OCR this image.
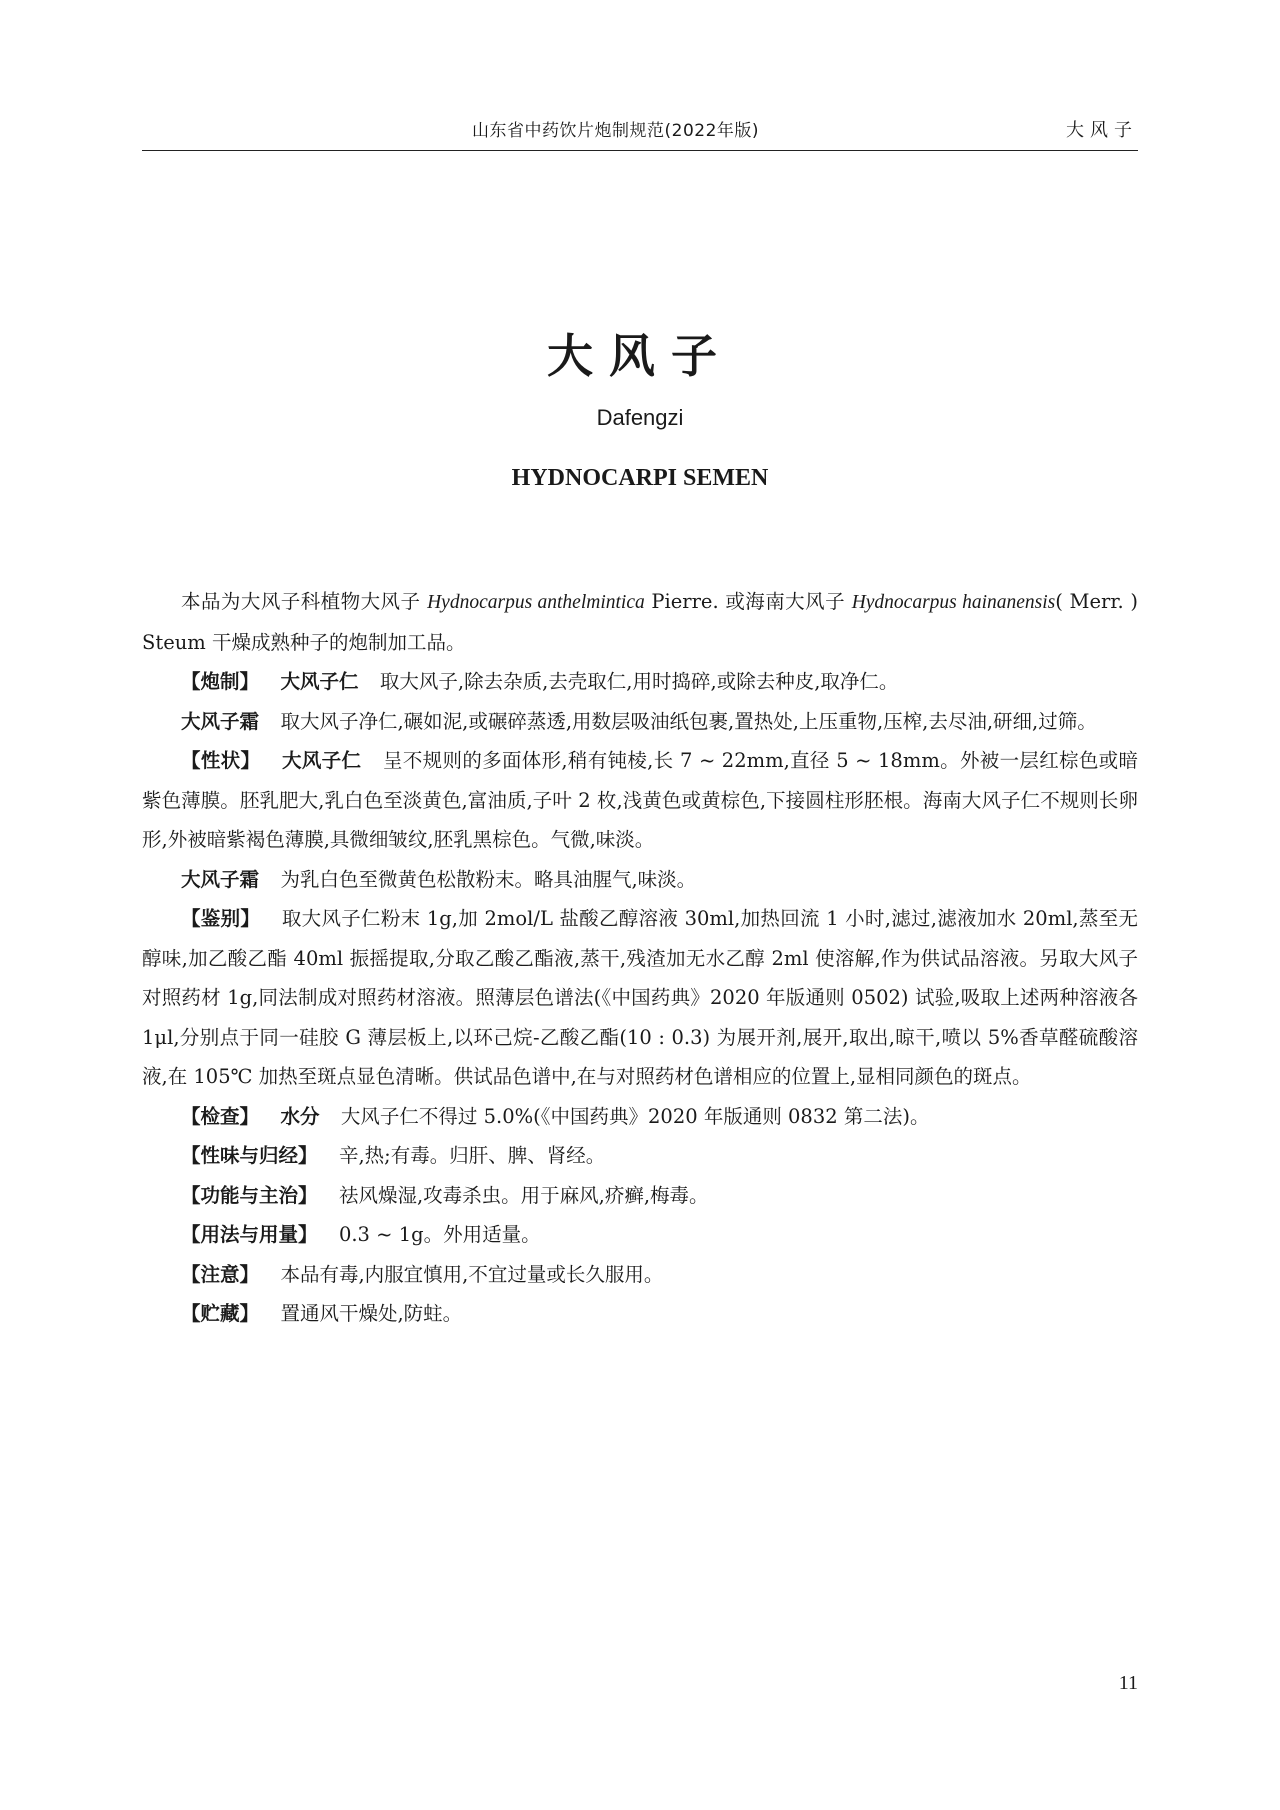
山东省中药饮片炮制规范(2022年版)	大风子
大风子
Dafengzi
HYDNOCARPI SEMEN

本品为大风子科植物大风子 Hydnocarpus anthelmintica Pierre. 或海南大风子 Hydnocarpus hainanensis( Merr. ) Steum 干燥成熟种子的炮制加工品。

【炮制】 大风子仁 取大风子,除去杂质,去壳取仁,用时捣碎,或除去种皮,取净仁。

大风子霜 取大风子净仁,碾如泥,或碾碎蒸透,用数层吸油纸包裹,置热处,上压重物,压榨,去尽油,研细,过筛。

【性状】 大风子仁 呈不规则的多面体形,稍有钝棱,长 7 ~ 22mm,直径 5 ~ 18mm。外被一层红棕色或暗紫色薄膜。胚乳肥大,乳白色至淡黄色,富油质,子叶 2 枚,浅黄色或黄棕色,下接圆柱形胚根。海南大风子仁不规则长卵形,外被暗紫褐色薄膜,具微细皱纹,胚乳黑棕色。气微,味淡。

大风子霜 为乳白色至微黄色松散粉末。略具油腥气,味淡。

【鉴别】 取大风子仁粉末 1g,加 2mol/L 盐酸乙醇溶液 30ml,加热回流 1 小时,滤过,滤液加水 20ml,蒸至无醇味,加乙酸乙酯 40ml 振摇提取,分取乙酸乙酯液,蒸干,残渣加无水乙醇 2ml 使溶解,作为供试品溶液。另取大风子对照药材 1g,同法制成对照药材溶液。照薄层色谱法(《中国药典》2020 年版通则 0502) 试验,吸取上述两种溶液各 1μl,分别点于同一硅胶 G 薄层板上,以环己烷-乙酸乙酯(10 : 0.3) 为展开剂,展开,取出,晾干,喷以 5%香草醛硫酸溶液,在 105℃ 加热至斑点显色清晰。供试品色谱中,在与对照药材色谱相应的位置上,显相同颜色的斑点。

【检查】 水分 大风子仁不得过 5.0%(《中国药典》2020 年版通则 0832 第二法)。

【性味与归经】 辛,热;有毒。归肝、脾、肾经。

【功能与主治】 祛风燥湿,攻毒杀虫。用于麻风,疥癣,梅毒。

【用法与用量】 0.3 ~ 1g。外用适量。

【注意】 本品有毒,内服宜慎用,不宜过量或长久服用。

【贮藏】 置通风干燥处,防蛀。

11
